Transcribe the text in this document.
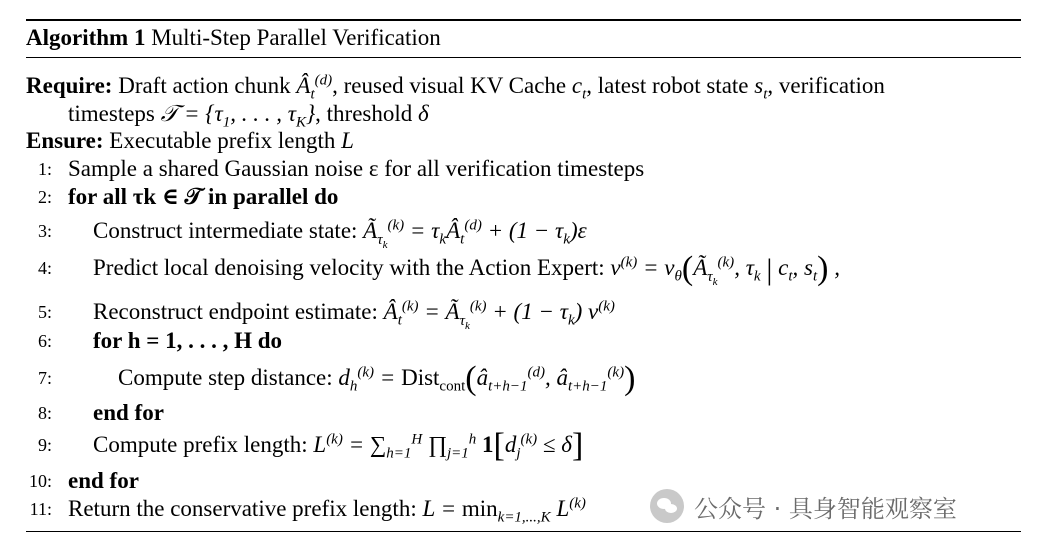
Algorithm 1 Multi-Step Parallel Verification
Require: Draft action chunk $Â_t^{(d)}$, reused visual KV Cache $c_t$, latest robot state $s_t$, verification
timesteps 𝒯 = {$\tau_1$, . . . , $\tau_K$}, threshold δ
Ensure: Executable prefix length L
1: Sample a shared Gaussian noise ε for all verification timesteps
2: for all τk ∈ 𝒯 in parallel do
3: Construct intermediate state: $Ã_{\tau_k}^{(k)}$ = $\tau_kÂ_t^{(d)} + (1 - \tau_k)\varepsilon$
4: Predict local denoising velocity with the Action Expert: $v^{(k)}$ = $v_\theta(Ã_{\tau_k}^{(k)}$, $\tau_k$ | $c_t$, $s_t$) ,
5: Reconstruct endpoint estimate: $Â_t^{(k)}$ = $Ã_{\tau_k}^{(k)} + (1 - \tau_k)$ $v^{(k)}$
6: for h = 1, . . . , H do
7:	Compute step distance: $d_h^{(k)}$ = $Dist_{cont}(â_{t+h-1}^{(d)}$, $â_{t+h-1}^{(k)}$)
8: end for
9: Compute prefix length: $L^{(k)} = \sum_{h=1}^H$ $\prod_{j=1}^h$ $1[d_j^{(k)} \le \delta]$
10: end for
11: Return the conservative prefix length: $L = \min_{k=1,...,K} L^{(k)}$	公众号 · 具身智能观察室
